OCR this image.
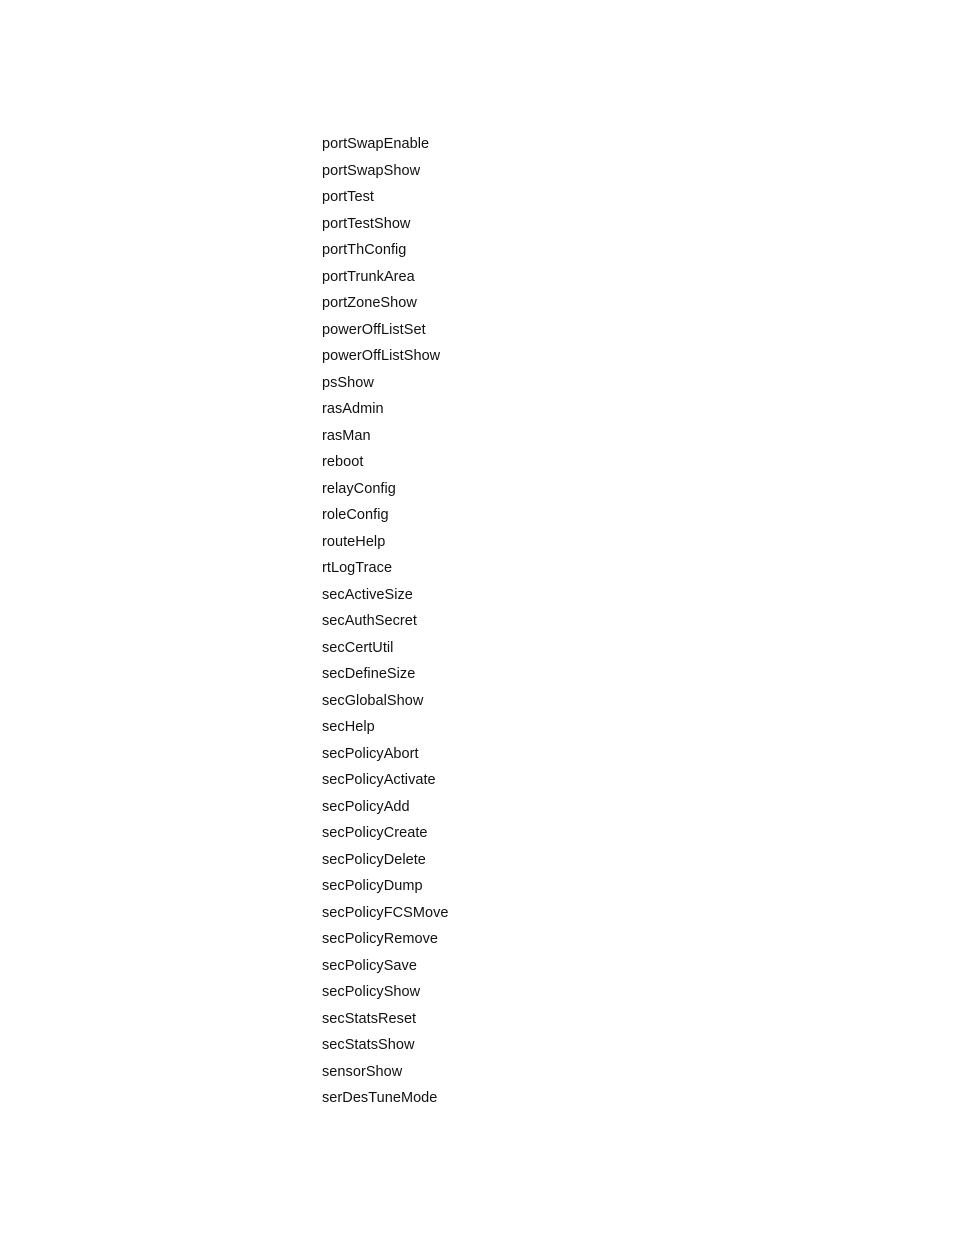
portSwapEnable
portSwapShow
portTest
portTestShow
portThConfig
portTrunkArea
portZoneShow
powerOffListSet
powerOffListShow
psShow
rasAdmin
rasMan
reboot
relayConfig
roleConfig
routeHelp
rtLogTrace
secActiveSize
secAuthSecret
secCertUtil
secDefineSize
secGlobalShow
secHelp
secPolicyAbort
secPolicyActivate
secPolicyAdd
secPolicyCreate
secPolicyDelete
secPolicyDump
secPolicyFCSMove
secPolicyRemove
secPolicySave
secPolicyShow
secStatsReset
secStatsShow
sensorShow
serDesTuneMode
